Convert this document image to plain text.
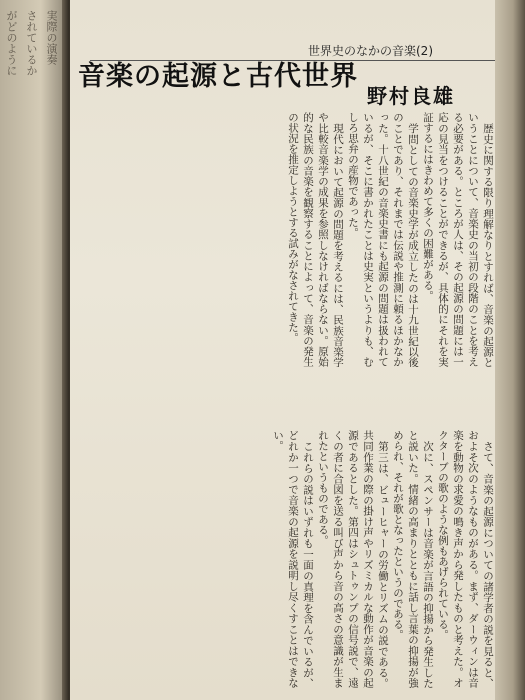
がどのように されているか 実際の演奏	世界史のなかの音楽(2)
音楽の起源と古代世界
野村良雄

歴史に関する限り理解なりとすれば、音楽の起源ということについて、音楽史の当初の段階のことを考える必要がある。ところが人は、その起源の問題には一応の見当をつけることができるが、具体的にそれを実証するにはきわめて多くの困難がある。

学問としての音楽史学が成立したのは十九世紀以後のことであり、それまでは伝説や推測に頼るほかなかった。十八世紀の音楽史書にも起源の問題は扱われているが、そこに書かれたことは史実というよりも、むしろ思弁の産物であった。

現代において起源の問題を考えるには、民族音楽学や比較音楽学の成果を参照しなければならない。原始的な民族の音楽を観察することによって、音楽の発生の状況を推定しようとする試みがなされてきた。

さて、音楽の起源についての諸学者の説を見ると、およそ次のようなものがある。まず、ダーウィンは音楽を動物の求愛の鳴き声から発したものと考えた。オクターブの歌のような例もあげられている。

次に、スペンサーは音楽が言語の抑揚から発生したと説いた。情緒の高まりとともに話し言葉の抑揚が強められ、それが歌となったというのである。

第三は、ビューヒャーの労働とリズムの説である。共同作業の際の掛け声やリズミカルな動作が音楽の起源であるとした。第四はシュトゥンプの信号説で、遠くの者に合図を送る叫び声から音の高さの意識が生まれたというものである。

これらの説はいずれも一面の真理を含んでいるが、どれか一つで音楽の起源を説明し尽くすことはできない。
